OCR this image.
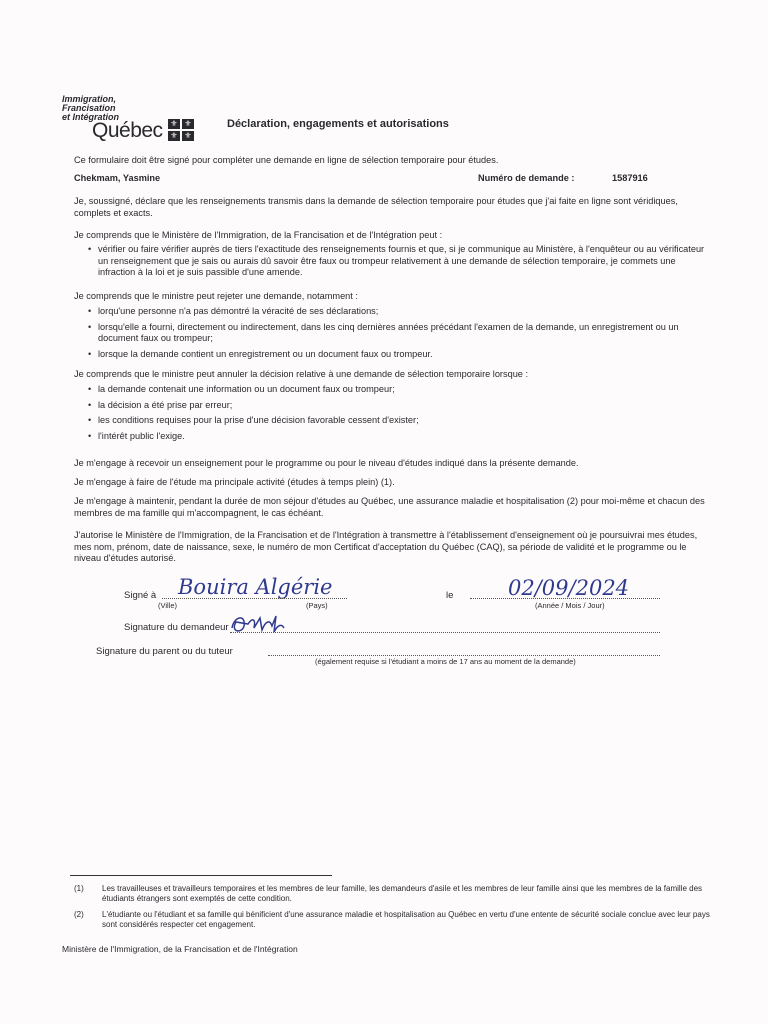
Immigration,
Francisation
et Intégration
Québec ⚜ ⚜
⚜ ⚜
Déclaration, engagements et autorisations
Ce formulaire doit être signé pour compléter une demande en ligne de sélection temporaire pour études.
Chekmam, Yasmine	Numéro de demande :	1587916
Je, soussigné, déclare que les renseignements transmis dans la demande de sélection temporaire pour études que j'ai faite en ligne sont véridiques, complets et exacts.
Je comprends que le Ministère de l'Immigration, de la Francisation et de l'Intégration peut :
• vérifier ou faire vérifier auprès de tiers l'exactitude des renseignements fournis et que, si je communique au Ministère, à l'enquêteur ou au vérificateur un renseignement que je sais ou aurais dû savoir être faux ou trompeur relativement à une demande de sélection temporaire, je commets une infraction à la loi et je suis passible d'une amende.
Je comprends que le ministre peut rejeter une demande, notamment :
• lorqu'une personne n'a pas démontré la véracité de ses déclarations;
• lorsqu'elle a fourni, directement ou indirectement, dans les cinq dernières années précédant l'examen de la demande, un enregistrement ou un document faux ou trompeur;
• lorsque la demande contient un enregistrement ou un document faux ou trompeur.
Je comprends que le ministre peut annuler la décision relative à une demande de sélection temporaire lorsque :
• la demande contenait une information ou un document faux ou trompeur;
• la décision a été prise par erreur;
• les conditions requises pour la prise d'une décision favorable cessent d'exister;
• l'intérêt public l'exige.
Je m'engage à recevoir un enseignement pour le programme ou pour le niveau d'études indiqué dans la présente demande.
Je m'engage à faire de l'étude ma principale activité (études à temps plein) (1).
Je m'engage à maintenir, pendant la durée de mon séjour d'études au Québec, une assurance maladie et hospitalisation (2) pour moi-même et chacun des membres de ma famille qui m'accompagnent, le cas échéant.
J'autorise le Ministère de l'Immigration, de la Francisation et de l'Intégration à transmettre à l'établissement d'enseignement où je poursuivrai mes études, mes nom, prénom, date de naissance, sexe, le numéro de mon Certificat d'acceptation du Québec (CAQ), sa période de validité et le programme ou le niveau d'études autorisé.
Signé à Bouira Algérie
(Ville)	(Pays)
le	02/09/2024
(Année / Mois / Jour)
Signature du demandeur
Signature du parent ou du tuteur
(également requise si l'étudiant a moins de 17 ans au moment de la demande)
(1) Les travailleuses et travailleurs temporaires et les membres de leur famille, les demandeurs d'asile et les membres de leur famille ainsi que les membres de la famille des étudiants étrangers sont exemptés de cette condition.
(2) L'étudiante ou l'étudiant et sa famille qui bénificient d'une assurance maladie et hospitalisation au Québec en vertu d'une entente de sécurité sociale conclue avec leur pays sont considérés respecter cet engagement.
Ministère de l'Immigration, de la Francisation et de l'Intégration
